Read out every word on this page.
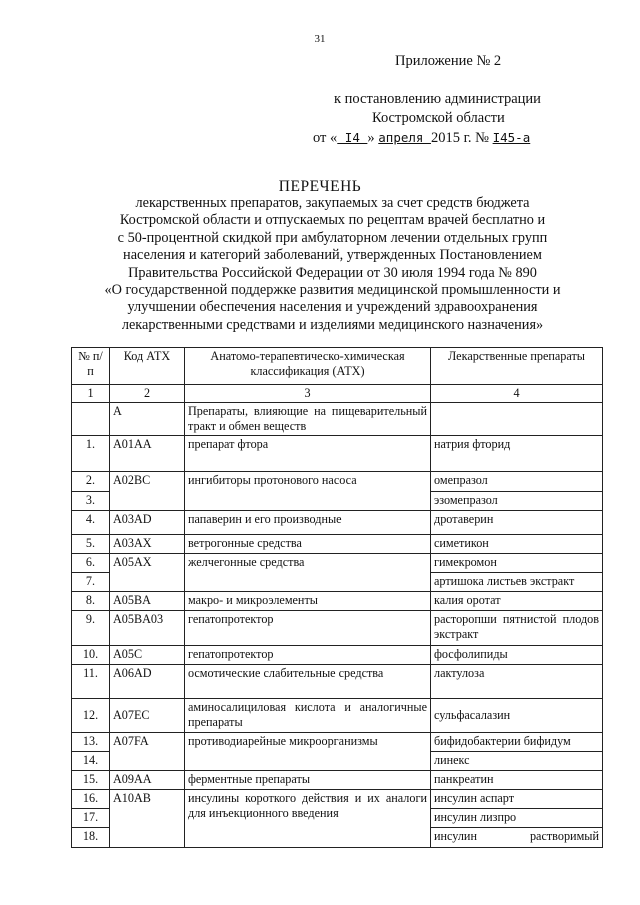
31
Приложение № 2
к постановлению администрации
Костромской области
от « I4 » апреля 2015 г. № I45-а
ПЕРЕЧЕНЬ
лекарственных препаратов, закупаемых за счет средств бюджета
Костромской области и отпускаемых по рецептам врачей бесплатно и
с 50-процентной скидкой при амбулаторном лечении отдельных групп
населения и категорий заболеваний, утвержденных Постановлением
Правительства Российской Федерации от 30 июля 1994 года № 890
«О государственной поддержке развития медицинской промышленности и
улучшении обеспечения населения и учреждений здравоохранения
лекарственными средствами и изделиями медицинского назначения»
№ п/п	Код АТХ	Анатомо-терапевтическо-химическая классификация (АТХ)	Лекарственные препараты
1	2	3	4
	А	Препараты, влияющие на пищеварительный тракт и обмен веществ	
1.	A01AA	препарат фтора	натрия фторид
2.	A02BC	ингибиторы протонового насоса	омепразол
3.			эзомепразол
4.	A03AD	папаверин и его производные	дротаверин
5.	A03AX	ветрогонные средства	симетикон
6.	A05AX	желчегонные средства	гимекромон
7.			артишока листьев экстракт
8.	A05BA	макро- и микроэлементы	калия оротат
9.	A05BA03	гепатопротектор	расторопши пятнистой плодов экстракт
10.	A05C	гепатопротектор	фосфолипиды
11.	A06AD	осмотические слабительные средства	лактулоза
12.	A07EC	аминосалициловая кислота и аналогичные препараты	сульфасалазин
13.	A07FA	противодиарейные микроорганизмы	бифидобактерии бифидум
14.			линекс
15.	A09AA	ферментные препараты	панкреатин
16.	A10AB	инсулины короткого действия и их аналоги для инъекционного введения	инсулин аспарт
17.			инсулин лизпро
18.			инсулин растворимый
